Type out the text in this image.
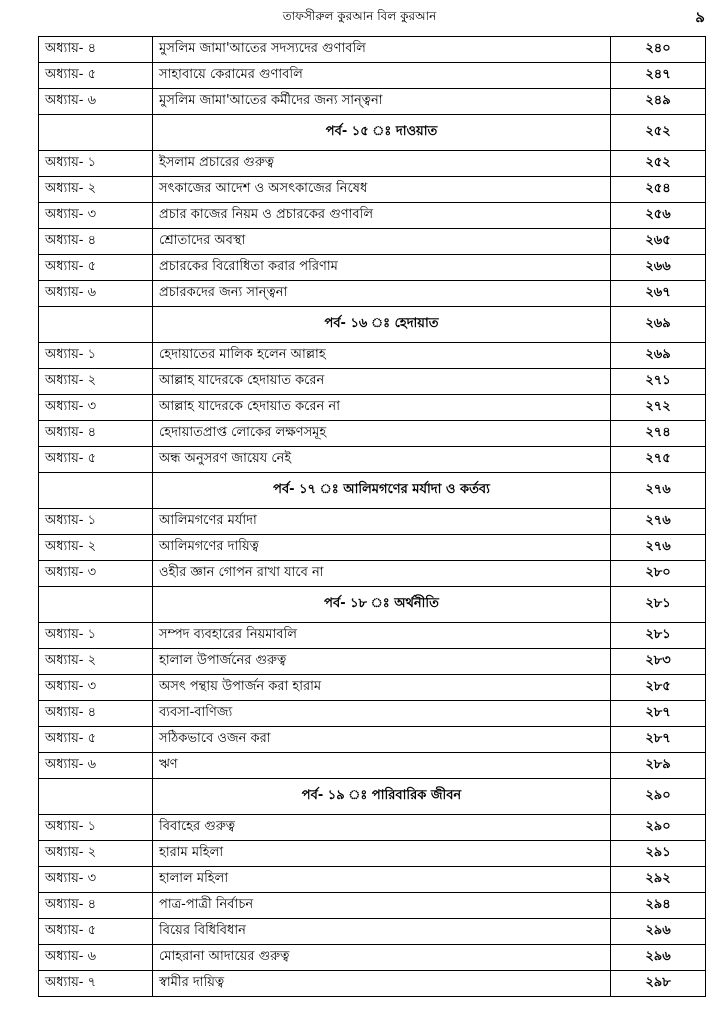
তাফসীরুল কুরআন বিল কুরআন	৯
অধ্যায়- ৪	মুসলিম জামা'আতের সদস্যদের গুণাবলি	২৪০
অধ্যায়- ৫	সাহাবায়ে কেরামের গুণাবলি	২৪৭
অধ্যায়- ৬	মুসলিম জামা'আতের কর্মীদের জন্য সান্ত্বনা	২৪৯
	পর্ব- ১৫ ঃ দাওয়াত	২৫২
অধ্যায়- ১	ইসলাম প্রচারের গুরুত্ব	২৫২
অধ্যায়- ২	সৎকাজের আদেশ ও অসৎকাজের নিষেধ	২৫৪
অধ্যায়- ৩	প্রচার কাজের নিয়ম ও প্রচারকের গুণাবলি	২৫৬
অধ্যায়- ৪	শ্রোতাদের অবস্থা	২৬৫
অধ্যায়- ৫	প্রচারকের বিরোধিতা করার পরিণাম	২৬৬
অধ্যায়- ৬	প্রচারকদের জন্য সান্ত্বনা	২৬৭
	পর্ব- ১৬ ঃ হেদায়াত	২৬৯
অধ্যায়- ১	হেদায়াতের মালিক হলেন আল্লাহ	২৬৯
অধ্যায়- ২	আল্লাহ যাদেরকে হেদায়াত করেন	২৭১
অধ্যায়- ৩	আল্লাহ যাদেরকে হেদায়াত করেন না	২৭২
অধ্যায়- ৪	হেদায়াতপ্রাপ্ত লোকের লক্ষণসমূহ	২৭৪
অধ্যায়- ৫	অন্ধ অনুসরণ জায়েয নেই	২৭৫
	পর্ব- ১৭ ঃ আলিমগণের মর্যাদা ও কর্তব্য	২৭৬
অধ্যায়- ১	আলিমগণের মর্যাদা	২৭৬
অধ্যায়- ২	আলিমগণের দায়িত্ব	২৭৬
অধ্যায়- ৩	ওহীর জ্ঞান গোপন রাখা যাবে না	২৮০
	পর্ব- ১৮ ঃ অর্থনীতি	২৮১
অধ্যায়- ১	সম্পদ ব্যবহারের নিয়মাবলি	২৮১
অধ্যায়- ২	হালাল উপার্জনের গুরুত্ব	২৮৩
অধ্যায়- ৩	অসৎ পন্থায় উপার্জন করা হারাম	২৮৫
অধ্যায়- ৪	ব্যবসা-বাণিজ্য	২৮৭
অধ্যায়- ৫	সঠিকভাবে ওজন করা	২৮৭
অধ্যায়- ৬	ঋণ	২৮৯
	পর্ব- ১৯ ঃ পারিবারিক জীবন	২৯০
অধ্যায়- ১	বিবাহের গুরুত্ব	২৯০
অধ্যায়- ২	হারাম মহিলা	২৯১
অধ্যায়- ৩	হালাল মহিলা	২৯২
অধ্যায়- ৪	পাত্র-পাত্রী নির্বাচন	২৯৪
অধ্যায়- ৫	বিয়ের বিধিবিধান	২৯৬
অধ্যায়- ৬	মোহরানা আদায়ের গুরুত্ব	২৯৬
অধ্যায়- ৭	স্বামীর দায়িত্ব	২৯৮
